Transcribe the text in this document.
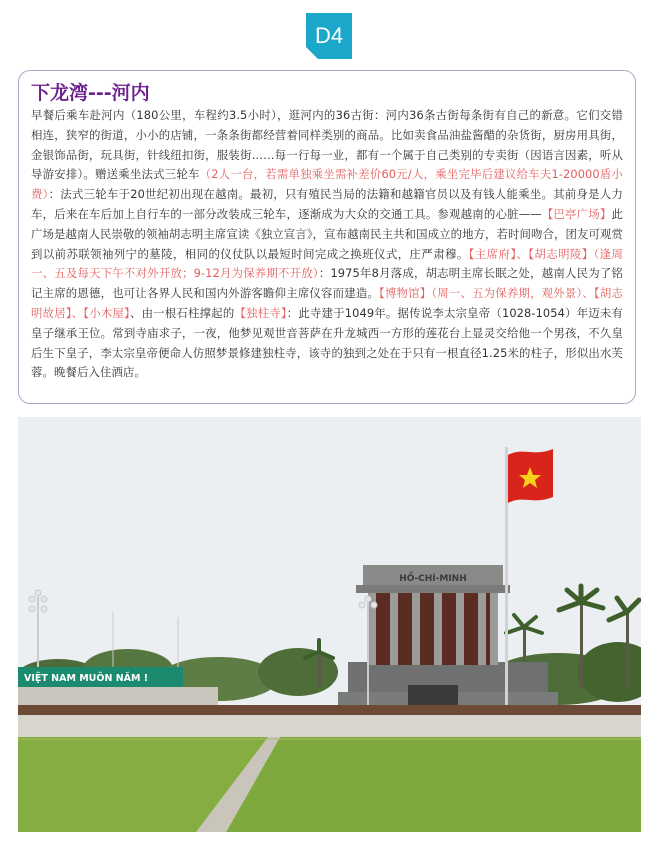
D4
下龙湾---河内
早餐后乘车赴河内（180公里，车程约3.5小时），逛河内的36古街：河内36条古街每条街有自己的新意。它们交错相连，狭窄的街道，小小的店铺，一条条街都经营着同样类别的商品。比如卖食品油盐酱醋的杂货街，厨房用具街，金银饰品街，玩具街，针线纽扣街，服装街……每一行每一业，都有一个属于自己类别的专卖街（因语言因素，听从导游安排）。赠送乘坐法式三轮车（2人一台，若需单独乘坐需补差价60元/人，乘坐完毕后建议给车夫1-20000盾小费）：法式三轮车于20世纪初出现在越南。最初，只有殖民当局的法籍和越籍官员以及有钱人能乘坐。其前身是人力车，后来在车后加上自行车的一部分改装成三轮车，逐渐成为大众的交通工具。参观越南的心脏——【巴亭广场】此广场是越南人民崇敬的领袖胡志明主席宣读《独立宣言》，宣布越南民主共和国成立的地方，若时间吻合，团友可观赏到以前苏联领袖列宁的墓陵，相同的仪仗队以最短时间完成之换班仪式，庄严肃穆。【主席府】、【胡志明陵】（逢周一、五及每天下午不对外开放；9-12月为保养期不开放）：1975年8月落成，胡志明主席长眠之处，越南人民为了铭记主席的恩德，也可让各界人民和国内外游客瞻仰主席仪容而建造。【博物馆】（周一、五为保养期，观外景）、【胡志明故居】、【小木屋】、由一根石柱撑起的【独柱寺】：此寺建于1049年。据传说李太宗皇帝（1028-1054）年迈未有皇子继承王位。常到寺庙求子，一夜，他梦见观世音菩萨在升龙城西一方形的莲花台上显灵交给他一个男孩，不久皇后生下皇子，李太宗皇帝便命人仿照梦景修建独柱寺，该寺的独到之处在于只有一根直径1.25米的柱子，形似出水芙蓉。晚餐后入住酒店。
HỒ-CHÍ-MINH
VIỆT NAM MUÔN NĂM !
